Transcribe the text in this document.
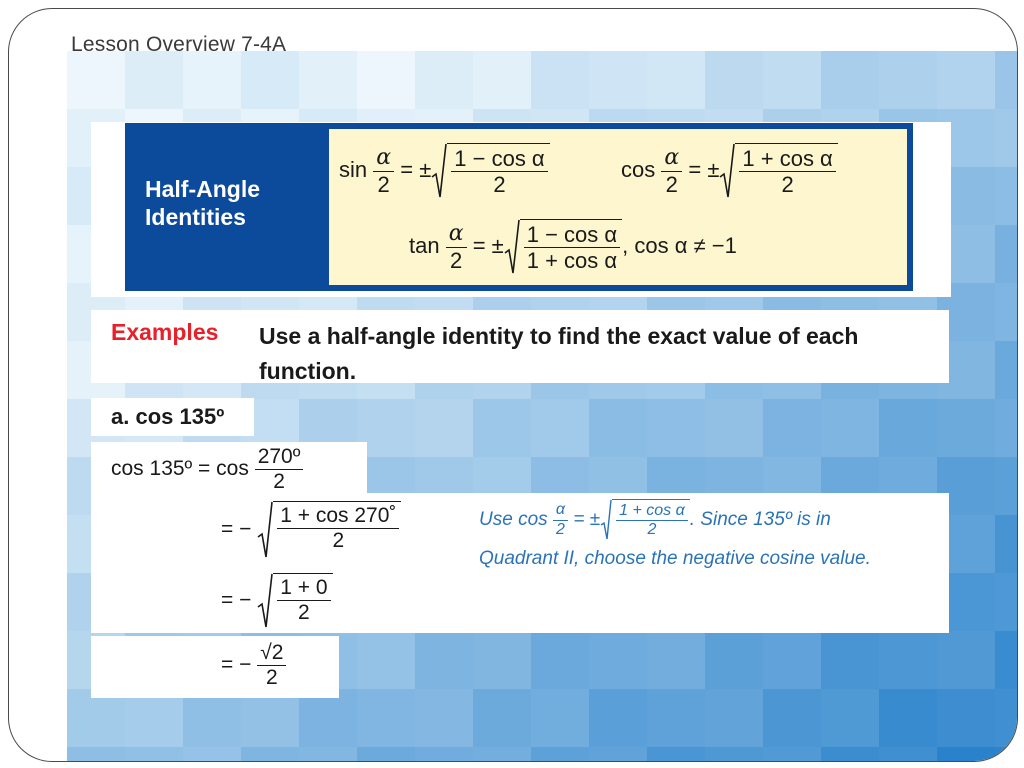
Lesson Overview 7-4A
Half-Angle Identities
$\sin \frac{\alpha}{2}$ = ± $\frac{\text{1 − cos α}}{2}$	$\cos \frac{\alpha}{2}$ = ± $\frac{\text{1 + cos α}}{2}$
$\tan \frac{\alpha}{2}$ = ± $\frac{\text{1 − cos α}}{\text{1 + cos α}}$ , cos α ≠ −1
Examples Use a half-angle identity to find the exact value of each function.
a. cos 135º
cos 135º = $\cos \frac{\text{270º}}{2}$
= − $\frac{1 + \cos 270˚}{2}$
= − $\frac{1 + 0}{2}$
= − $\frac{√2}{2}$
Use $\cos \frac{\alpha}{2}$ = ± $\frac{\text{1 + cos α}}{2}$ . Since 135º is in Quadrant II, choose the negative cosine value.
